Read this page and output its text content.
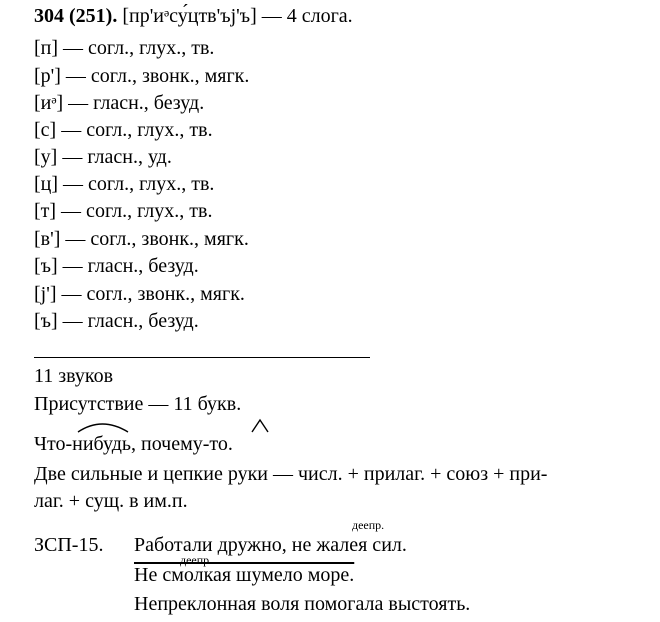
304 (251). [пр'иᵊсу́цтв'ъj'ъ] — 4 слога.
[п] — согл., глух., тв.
[р'] — согл., звонк., мягк.
[иᵊ] — гласн., безуд.
[с] — согл., глух., тв.
[у] — гласн., уд.
[ц] — согл., глух., тв.
[т] — согл., глух., тв.
[в'] — согл., звонк., мягк.
[ъ] — гласн., безуд.
[j'] — согл., звонк., мягк.
[ъ] — гласн., безуд.
11 звуков
Присутствие — 11 букв.
Что-нибудь, почему-то.
Две сильные и цепкие руки — числ. + прилаг. + союз + при-
лаг. + сущ. в им.п.
ЗСП-15.
деепр.
Работали дружно, не жалея сил.
деепр.
Не смолкая шумело море.
Непреклонная воля помогала выстоять.
